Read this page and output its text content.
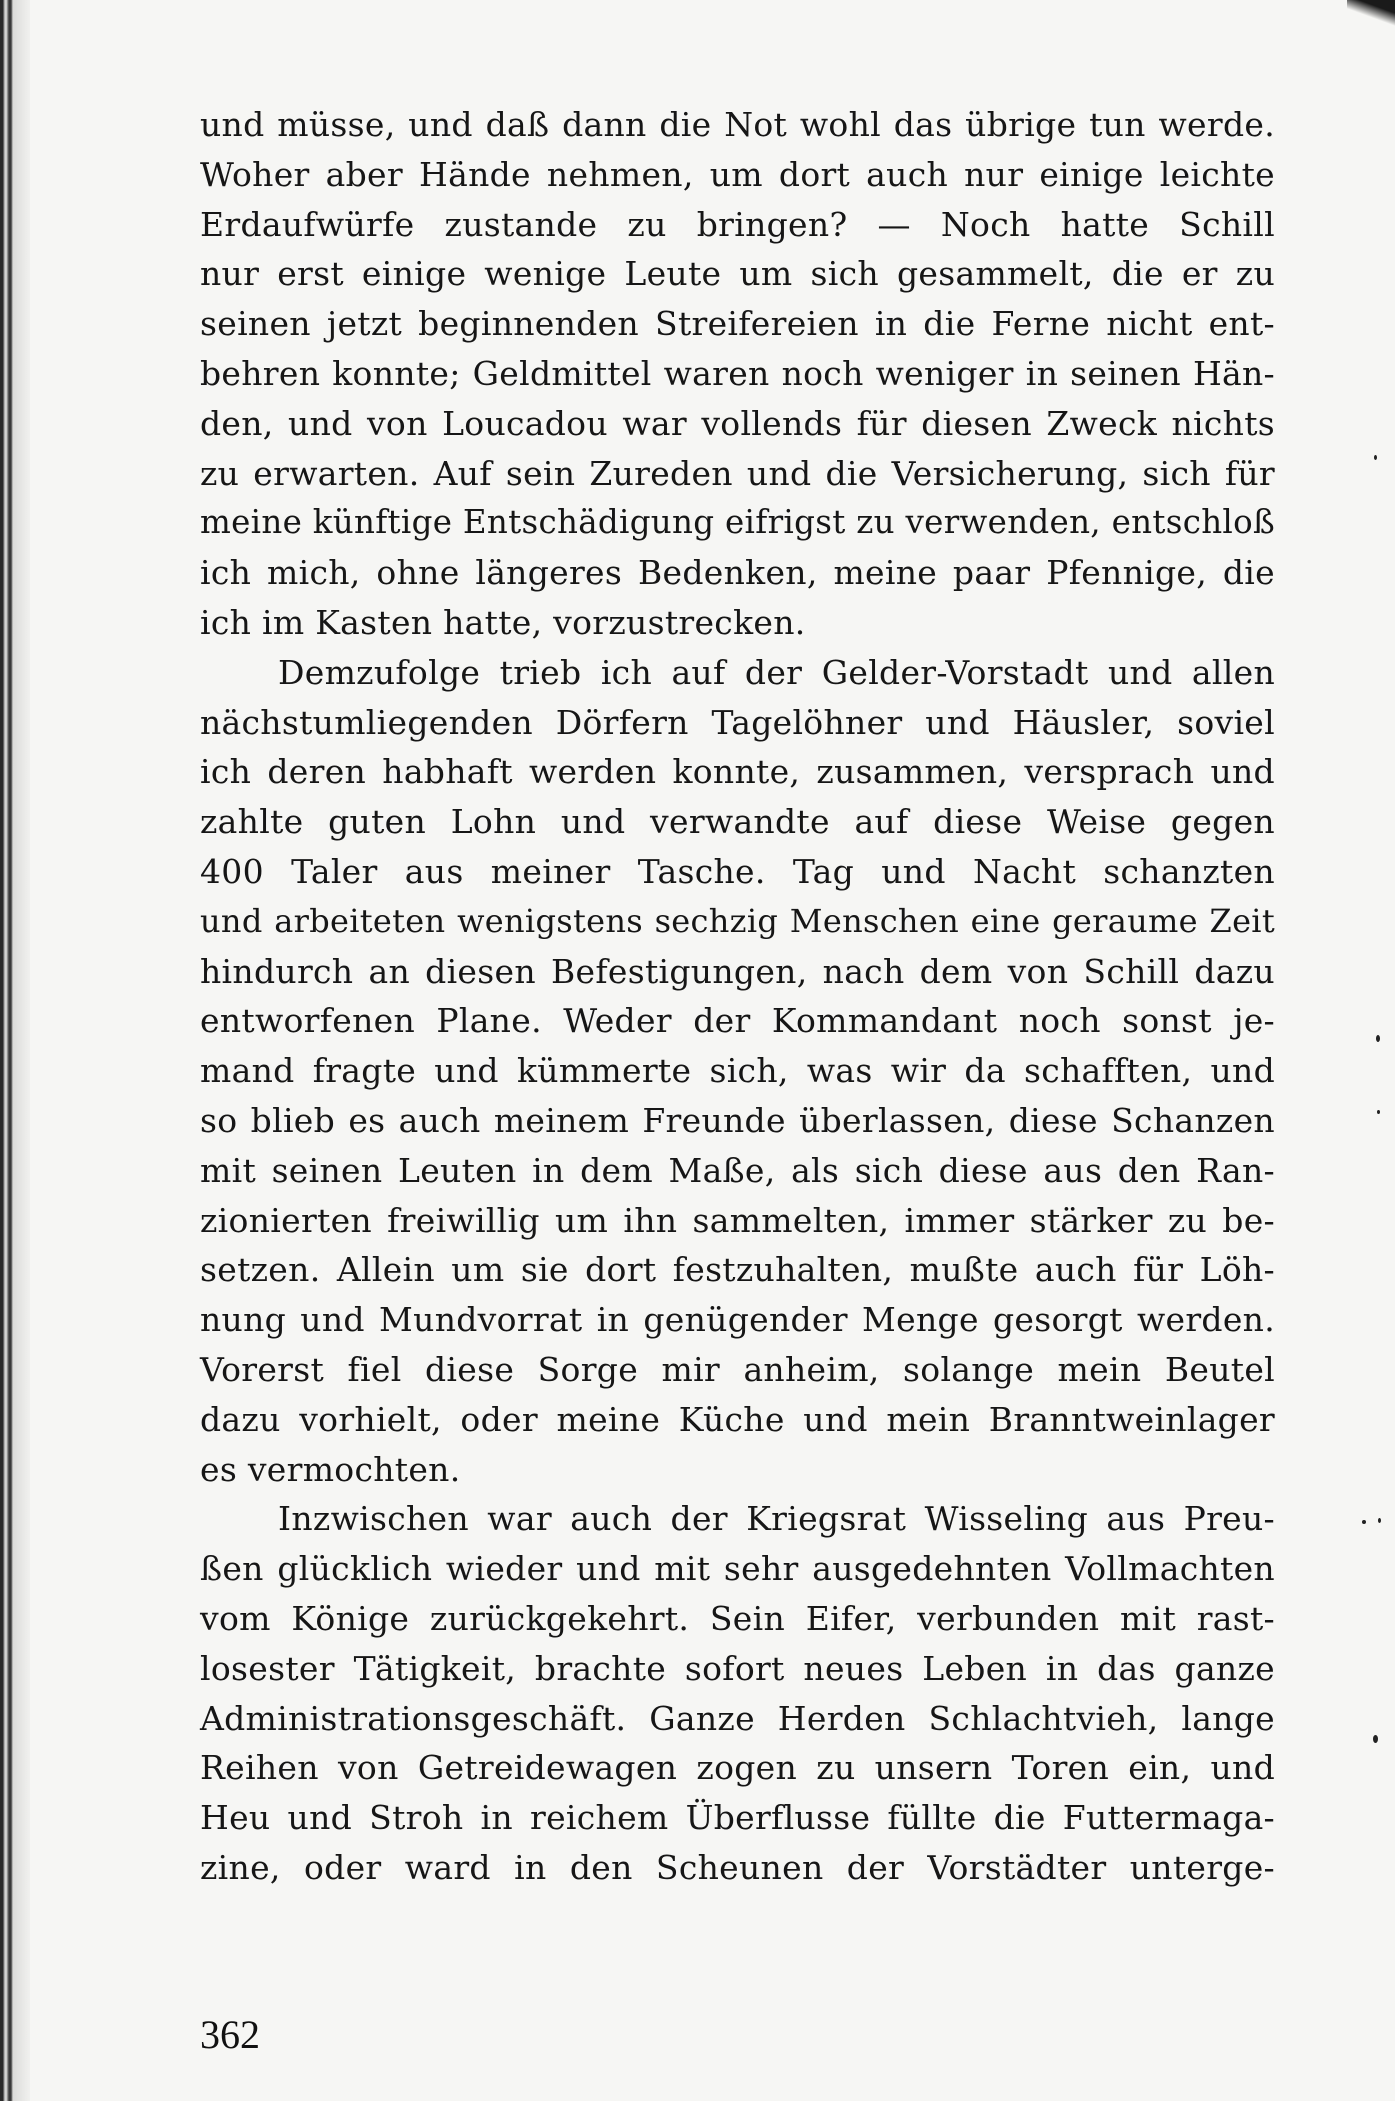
und müsse, und daß dann die Not wohl das übrige tun werde.
Woher aber Hände nehmen, um dort auch nur einige leichte
Erdaufwürfe zustande zu bringen? — Noch hatte Schill
nur erst einige wenige Leute um sich gesammelt, die er zu
seinen jetzt beginnenden Streifereien in die Ferne nicht ent-
behren konnte; Geldmittel waren noch weniger in seinen Hän-
den, und von Loucadou war vollends für diesen Zweck nichts
zu erwarten. Auf sein Zureden und die Versicherung, sich für
meine künftige Entschädigung eifrigst zu verwenden, entschloß
ich mich, ohne längeres Bedenken, meine paar Pfennige, die
ich im Kasten hatte, vorzustrecken.
Demzufolge trieb ich auf der Gelder-Vorstadt und allen
nächstumliegenden Dörfern Tagelöhner und Häusler, soviel
ich deren habhaft werden konnte, zusammen, versprach und
zahlte guten Lohn und verwandte auf diese Weise gegen
400 Taler aus meiner Tasche. Tag und Nacht schanzten
und arbeiteten wenigstens sechzig Menschen eine geraume Zeit
hindurch an diesen Befestigungen, nach dem von Schill dazu
entworfenen Plane. Weder der Kommandant noch sonst je-
mand fragte und kümmerte sich, was wir da schafften, und
so blieb es auch meinem Freunde überlassen, diese Schanzen
mit seinen Leuten in dem Maße, als sich diese aus den Ran-
zionierten freiwillig um ihn sammelten, immer stärker zu be-
setzen. Allein um sie dort festzuhalten, mußte auch für Löh-
nung und Mundvorrat in genügender Menge gesorgt werden.
Vorerst fiel diese Sorge mir anheim, solange mein Beutel
dazu vorhielt, oder meine Küche und mein Branntweinlager
es vermochten.
Inzwischen war auch der Kriegsrat Wisseling aus Preu-
ßen glücklich wieder und mit sehr ausgedehnten Vollmachten
vom Könige zurückgekehrt. Sein Eifer, verbunden mit rast-
losester Tätigkeit, brachte sofort neues Leben in das ganze
Administrationsgeschäft. Ganze Herden Schlachtvieh, lange
Reihen von Getreidewagen zogen zu unsern Toren ein, und
Heu und Stroh in reichem Überflusse füllte die Futtermaga-
zine, oder ward in den Scheunen der Vorstädter unterge-
362
